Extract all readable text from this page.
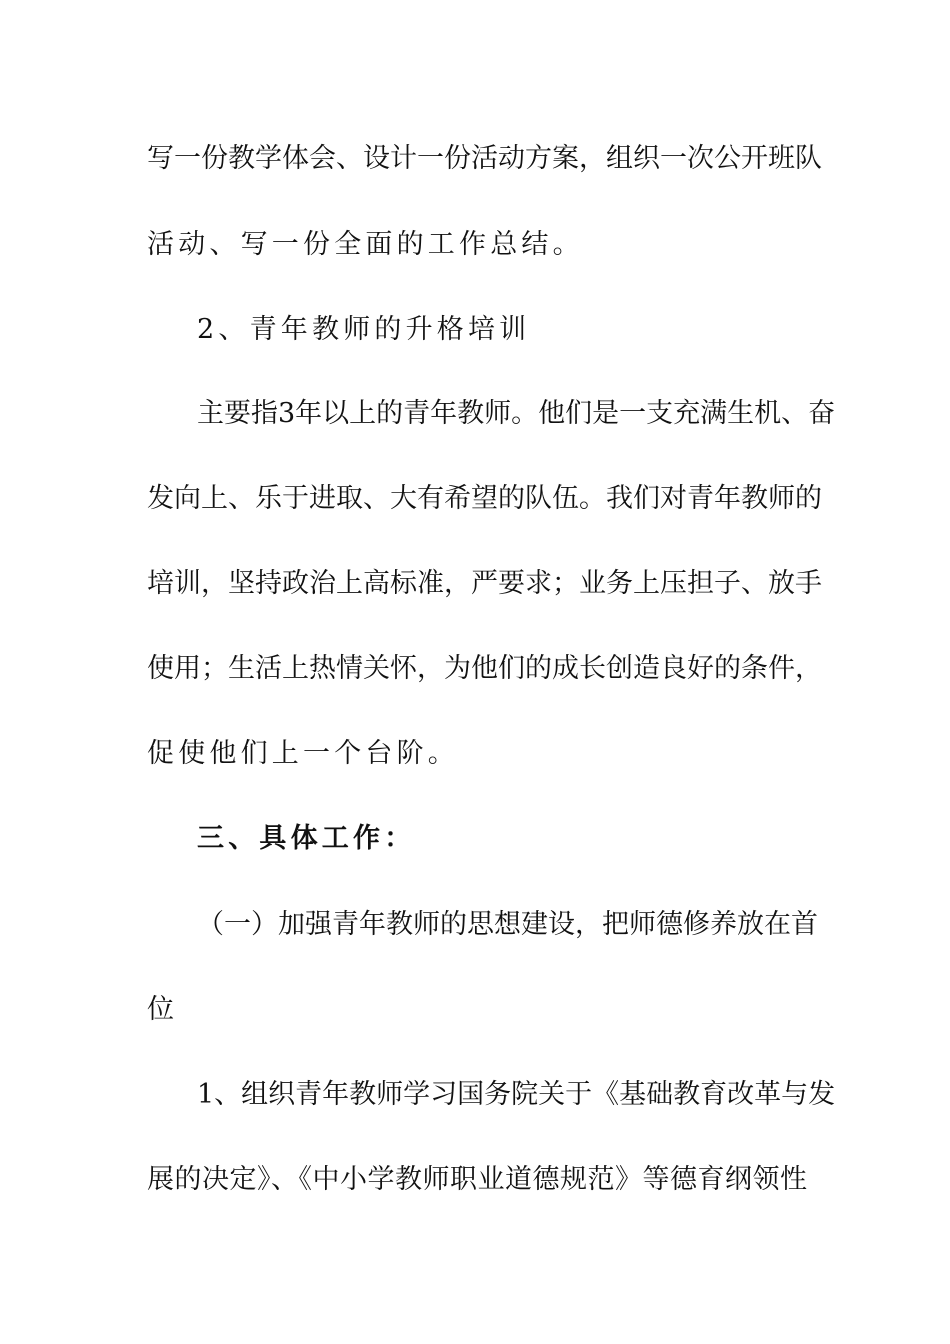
写一份教学体会、设计一份活动方案，组织一次公开班队
活动、写一份全面的工作总结。
2、青年教师的升格培训
主要指3年以上的青年教师。他们是一支充满生机、奋
发向上、乐于进取、大有希望的队伍。我们对青年教师的
培训，坚持政治上高标准，严要求；业务上压担子、放手
使用；生活上热情关怀，为他们的成长创造良好的条件，
促使他们上一个台阶。
三、具体工作：
（一）加强青年教师的思想建设，把师德修养放在首
位
1、组织青年教师学习国务院关于《基础教育改革与发
展的决定》、《中小学教师职业道德规范》等德育纲领性
